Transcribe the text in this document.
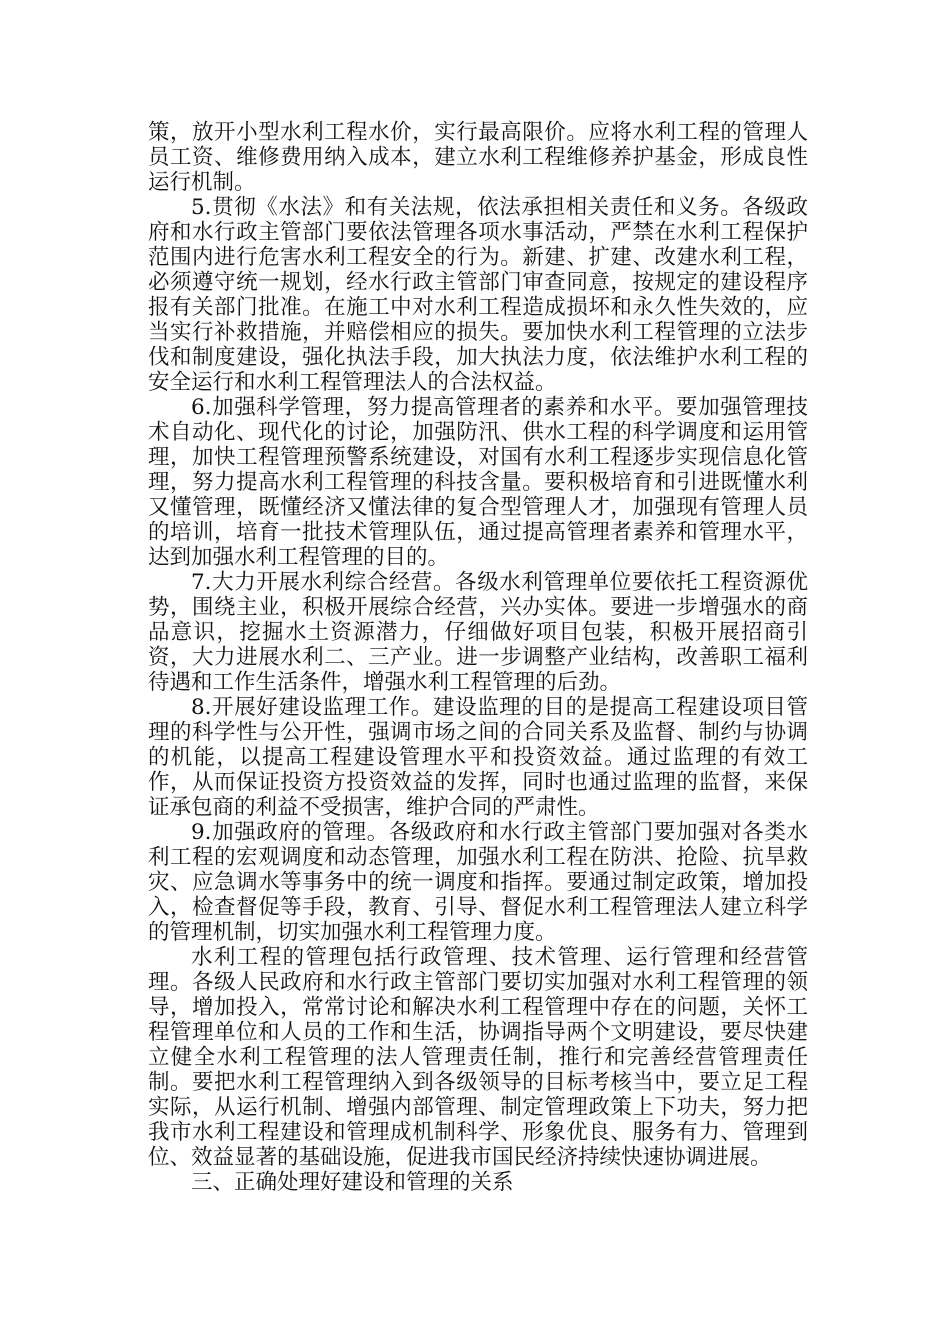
策，放开小型水利工程水价，实行最高限价。应将水利工程的管理人员工资、维修费用纳入成本，建立水利工程维修养护基金，形成良性运行机制。

5.贯彻《水法》和有关法规，依法承担相关责任和义务。各级政府和水行政主管部门要依法管理各项水事活动，严禁在水利工程保护范围内进行危害水利工程安全的行为。新建、扩建、改建水利工程，必须遵守统一规划，经水行政主管部门审查同意，按规定的建设程序报有关部门批准。在施工中对水利工程造成损坏和永久性失效的，应当实行补救措施，并赔偿相应的损失。要加快水利工程管理的立法步伐和制度建设，强化执法手段，加大执法力度，依法维护水利工程的安全运行和水利工程管理法人的合法权益。

6.加强科学管理，努力提高管理者的素养和水平。要加强管理技术自动化、现代化的讨论，加强防汛、供水工程的科学调度和运用管理，加快工程管理预警系统建设，对国有水利工程逐步实现信息化管理，努力提高水利工程管理的科技含量。要积极培育和引进既懂水利又懂管理，既懂经济又懂法律的复合型管理人才，加强现有管理人员的培训，培育一批技术管理队伍，通过提高管理者素养和管理水平，达到加强水利工程管理的目的。

7.大力开展水利综合经营。各级水利管理单位要依托工程资源优势，围绕主业，积极开展综合经营，兴办实体。要进一步增强水的商品意识，挖掘水土资源潜力，仔细做好项目包装，积极开展招商引资，大力进展水利二、三产业。进一步调整产业结构，改善职工福利待遇和工作生活条件，增强水利工程管理的后劲。

8.开展好建设监理工作。建设监理的目的是提高工程建设项目管理的科学性与公开性，强调市场之间的合同关系及监督、制约与协调的机能，以提高工程建设管理水平和投资效益。通过监理的有效工作，从而保证投资方投资效益的发挥，同时也通过监理的监督，来保证承包商的利益不受损害，维护合同的严肃性。

9.加强政府的管理。各级政府和水行政主管部门要加强对各类水利工程的宏观调度和动态管理，加强水利工程在防洪、抢险、抗旱救灾、应急调水等事务中的统一调度和指挥。要通过制定政策，增加投入，检查督促等手段，教育、引导、督促水利工程管理法人建立科学的管理机制，切实加强水利工程管理力度。

水利工程的管理包括行政管理、技术管理、运行管理和经营管理。各级人民政府和水行政主管部门要切实加强对水利工程管理的领导，增加投入，常常讨论和解决水利工程管理中存在的问题，关怀工程管理单位和人员的工作和生活，协调指导两个文明建设，要尽快建立健全水利工程管理的法人管理责任制，推行和完善经营管理责任制。要把水利工程管理纳入到各级领导的目标考核当中，要立足工程实际，从运行机制、增强内部管理、制定管理政策上下功夫，努力把我市水利工程建设和管理成机制科学、形象优良、服务有力、管理到位、效益显著的基础设施，促进我市国民经济持续快速协调进展。

三、正确处理好建设和管理的关系
